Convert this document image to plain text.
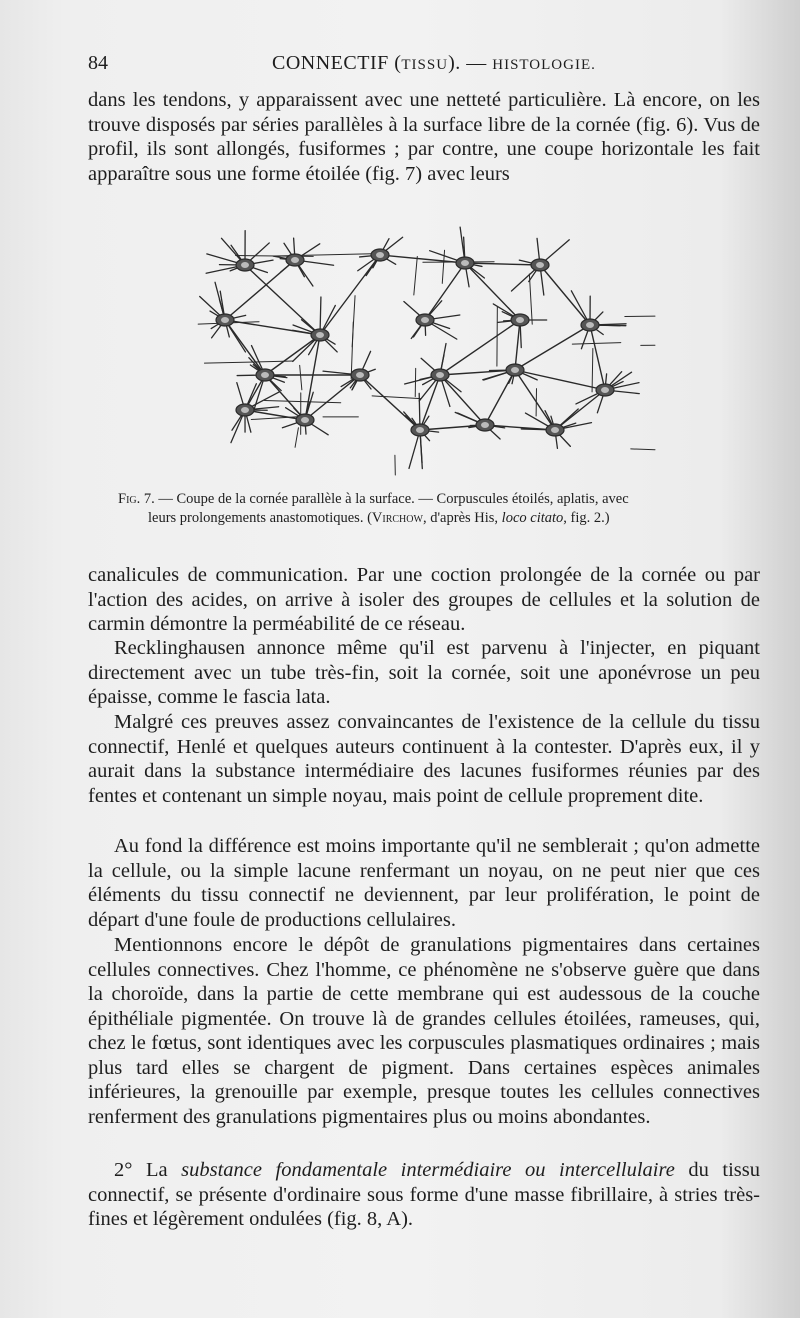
84	CONNECTIF (TISSU). — HISTOLOGIE.

dans les tendons, y apparaissent avec une netteté particulière. Là encore, on les trouve disposés par séries parallèles à la surface libre de la cornée (fig. 6). Vus de profil, ils sont allongés, fusiformes ; par contre, une coupe horizontale les fait apparaître sous une forme étoilée (fig. 7) avec leurs

Fig. 7. — Coupe de la cornée parallèle à la surface. — Corpuscules étoilés, aplatis, avec
leurs prolongements anastomotiques. (Virchow, d'après His, loco citato, fig. 2.)

canalicules de communication. Par une coction prolongée de la cornée ou par l'action des acides, on arrive à isoler des groupes de cellules et la solution de carmin démontre la perméabilité de ce réseau.

Recklinghausen annonce même qu'il est parvenu à l'injecter, en piquant directement avec un tube très-fin, soit la cornée, soit une aponévrose un peu épaisse, comme le fascia lata.

Malgré ces preuves assez convaincantes de l'existence de la cellule du tissu connectif, Henlé et quelques auteurs continuent à la contester. D'après eux, il y aurait dans la substance intermédiaire des lacunes fusiformes réunies par des fentes et contenant un simple noyau, mais point de cellule proprement dite.

Au fond la différence est moins importante qu'il ne semblerait ; qu'on admette la cellule, ou la simple lacune renfermant un noyau, on ne peut nier que ces éléments du tissu connectif ne deviennent, par leur prolifération, le point de départ d'une foule de productions cellulaires.

Mentionnons encore le dépôt de granulations pigmentaires dans certaines cellules connectives. Chez l'homme, ce phénomène ne s'observe guère que dans la choroïde, dans la partie de cette membrane qui est audessous de la couche épithéliale pigmentée. On trouve là de grandes cellules étoilées, rameuses, qui, chez le fœtus, sont identiques avec les corpuscules plasmatiques ordinaires ; mais plus tard elles se chargent de pigment. Dans certaines espèces animales inférieures, la grenouille par exemple, presque toutes les cellules connectives renferment des granulations pigmentaires plus ou moins abondantes.

2° La substance fondamentale intermédiaire ou intercellulaire du tissu connectif, se présente d'ordinaire sous forme d'une masse fibrillaire, à stries très-fines et légèrement ondulées (fig. 8, A).
